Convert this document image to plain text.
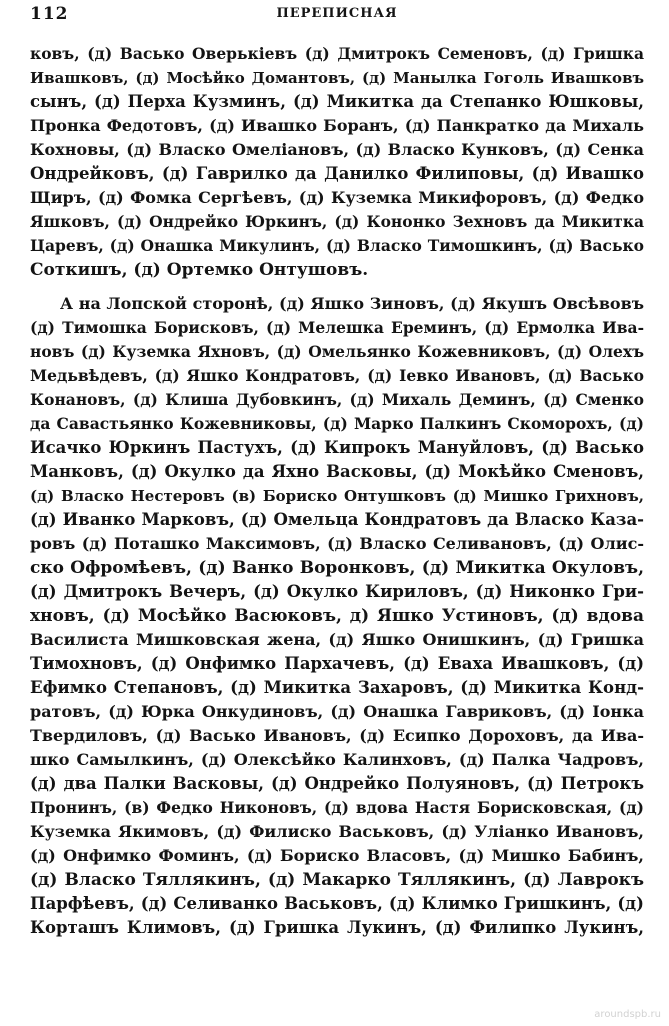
112	ПЕРЕПИСНАЯ
ковъ, (д) Васько Оверькіевъ (д) Дмитрокъ Семеновъ, (д) Гришка
Ивашковъ, (д) Мосѣйко Домантовъ, (д) Манылка Гоголь Ивашковъ
сынъ, (д) Перха Кузминъ, (д) Микитка да Степанко Юшковы,
Пронка Федотовъ, (д) Ивашко Боранъ, (д) Панкратко да Михаль
Кохновы, (д) Власко Омеліановъ, (д) Власко Кунковъ, (д) Сенка
Ондрейковъ, (д) Гаврилко да Данилко Филиповы, (д) Ивашко
Щиръ, (д) Фомка Сергѣевъ, (д) Куземка Микифоровъ, (д) Федко
Яшковъ, (д) Ондрейко Юркинъ, (д) Кононко Зехновъ да Микитка
Царевъ, (д) Онашка Микулинъ, (д) Власко Тимошкинъ, (д) Васько
Соткишъ, (д) Ортемко Онтушовъ.
А на Лопской сторонѣ, (д) Яшко Зиновъ, (д) Якушъ Овсѣвовъ
(д) Тимошка Борисковъ, (д) Мелешка Ереминъ, (д) Ермолка Ива-
новъ (д) Куземка Яхновъ, (д) Омельянко Кожевниковъ, (д) Олехъ
Медьвѣдевъ, (д) Яшко Кондратовъ, (д) Іевко Ивановъ, (д) Васько
Конановъ, (д) Клиша Дубовкинъ, (д) Михаль Деминъ, (д) Сменко
да Савастьянко Кожевниковы, (д) Марко Палкинъ Скоморохъ, (д)
Исачко Юркинъ Пастухъ, (д) Кипрокъ Мануйловъ, (д) Васько
Манковъ, (д) Окулко да Яхно Васковы, (д) Мокѣйко Сменовъ,
(д) Власко Нестеровъ (в) Бориско Онтушковъ (д) Мишко Грихновъ,
(д) Иванко Марковъ, (д) Омельца Кондратовъ да Власко Каза-
ровъ (д) Поташко Максимовъ, (д) Власко Селивановъ, (д) Олис-
ско Офромѣевъ, (д) Ванко Воронковъ, (д) Микитка Окуловъ,
(д) Дмитрокъ Вечеръ, (д) Окулко Кириловъ, (д) Никонко Гри-
хновъ, (д) Мосѣйко Васюковъ, д) Яшко Устиновъ, (д) вдова
Василиста Мишковская жена, (д) Яшко Онишкинъ, (д) Гришка
Тимохновъ, (д) Онфимко Пархачевъ, (д) Еваха Ивашковъ, (д)
Ефимко Степановъ, (д) Микитка Захаровъ, (д) Микитка Конд-
ратовъ, (д) Юрка Онкудиновъ, (д) Онашка Гавриковъ, (д) Іонка
Твердиловъ, (д) Васько Ивановъ, (д) Есипко Дороховъ, да Ива-
шко Самылкинъ, (д) Олексѣйко Калинховъ, (д) Палка Чадровъ,
(д) два Палки Васковы, (д) Ондрейко Полуяновъ, (д) Петрокъ
Пронинъ, (в) Федко Никоновъ, (д) вдова Настя Борисковская, (д)
Куземка Якимовъ, (д) Филиско Васьковъ, (д) Уліанко Ивановъ,
(д) Онфимко Фоминъ, (д) Бориско Власовъ, (д) Мишко Бабинъ,
(д) Власко Тяллякинъ, (д) Макарко Тяллякинъ, (д) Лаврокъ
Парфѣевъ, (д) Селиванко Васьковъ, (д) Климко Гришкинъ, (д)
Корташъ Климовъ, (д) Гришка Лукинъ, (д) Филипко Лукинъ,
aroundspb.ru
